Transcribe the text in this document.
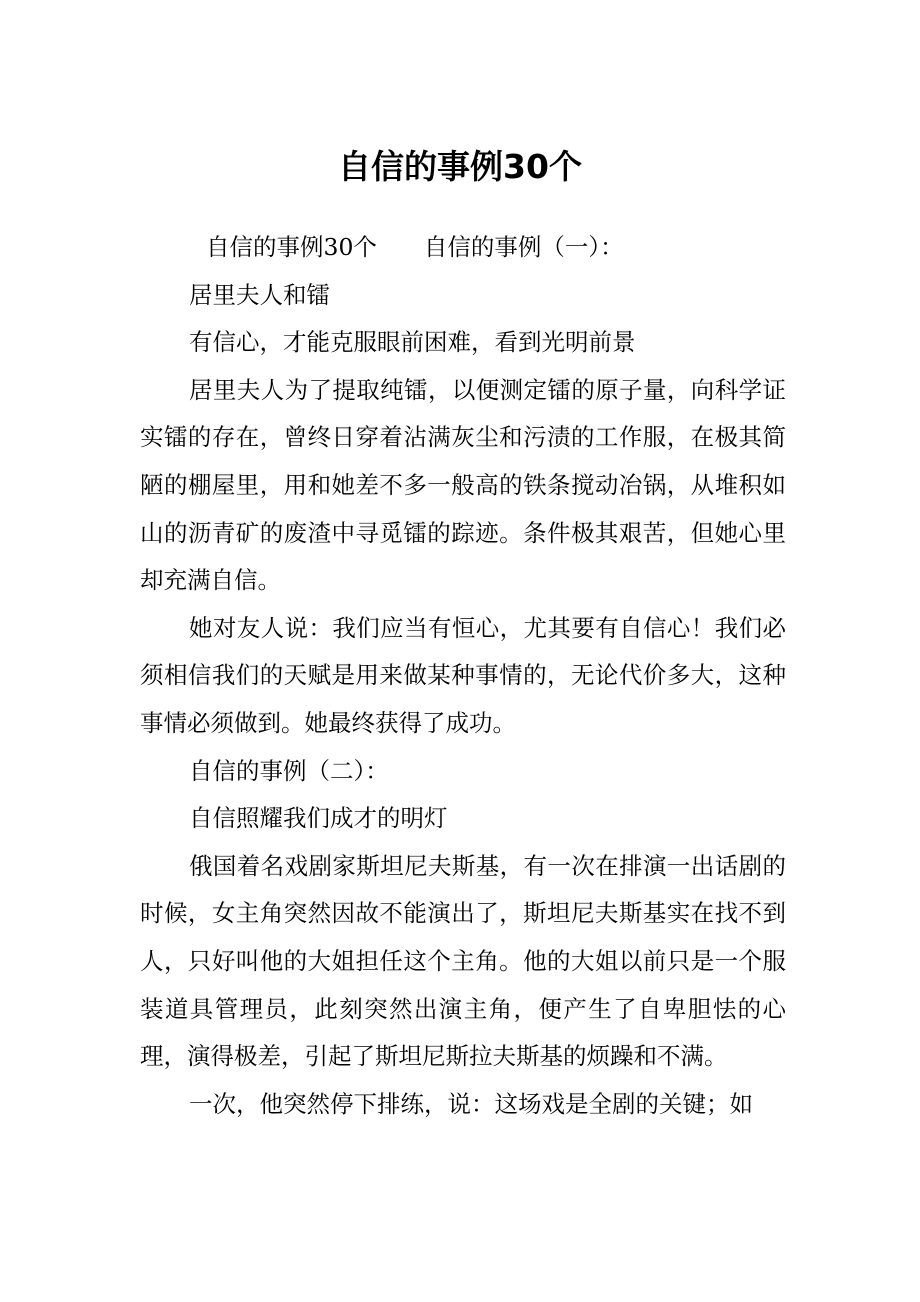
自信的事例30个

自信的事例30个　　自信的事例（一）：

居里夫人和镭

有信心，才能克服眼前困难，看到光明前景

居里夫人为了提取纯镭，以便测定镭的原子量，向科学证实镭的存在，曾终日穿着沾满灰尘和污渍的工作服，在极其简陋的棚屋里，用和她差不多一般高的铁条搅动冶锅，从堆积如山的沥青矿的废渣中寻觅镭的踪迹。条件极其艰苦，但她心里却充满自信。

她对友人说：我们应当有恒心，尤其要有自信心！我们必须相信我们的天赋是用来做某种事情的，无论代价多大，这种事情必须做到。她最终获得了成功。

自信的事例（二）：

自信照耀我们成才的明灯

俄国着名戏剧家斯坦尼夫斯基，有一次在排演一出话剧的时候，女主角突然因故不能演出了，斯坦尼夫斯基实在找不到人，只好叫他的大姐担任这个主角。他的大姐以前只是一个服装道具管理员，此刻突然出演主角，便产生了自卑胆怯的心理，演得极差，引起了斯坦尼斯拉夫斯基的烦躁和不满。

一次，他突然停下排练，说：这场戏是全剧的关键；如
